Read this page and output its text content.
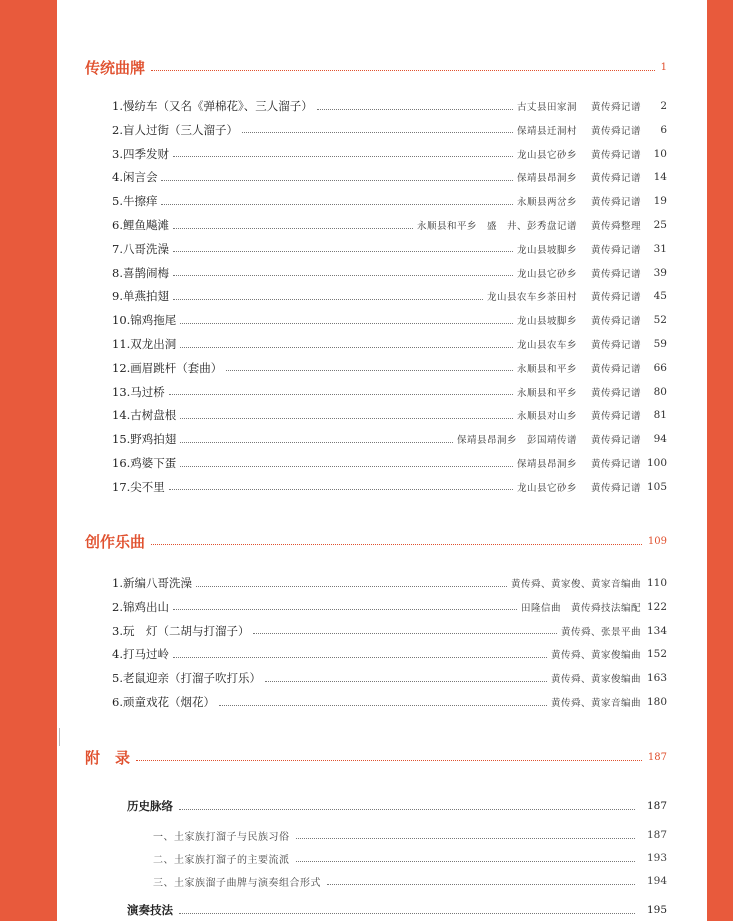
传统曲牌	1
1.慢纺车（又名《弹棉花》、三人溜子）	古丈县田家洞 黄传舜记谱	2
2.盲人过街（三人溜子）	保靖县迁洞村 黄传舜记谱	6
3.四季发财	龙山县它砂乡 黄传舜记谱	10
4.闲言会	保靖县昂洞乡 黄传舜记谱	14
5.牛擦痒	永顺县两岔乡 黄传舜记谱	19
6.鲤鱼飚滩	永顺县和平乡　盛　井、彭秀盘记谱 黄传舜整理	25
7.八哥洗澡	龙山县坡脚乡 黄传舜记谱	31
8.喜鹊闹梅	龙山县它砂乡 黄传舜记谱	39
9.单燕拍翅	龙山县农车乡茶田村 黄传舜记谱	45
10.锦鸡拖尾	龙山县坡脚乡 黄传舜记谱	52
11.双龙出洞	龙山县农车乡 黄传舜记谱	59
12.画眉跳杆（套曲）	永顺县和平乡 黄传舜记谱	66
13.马过桥	永顺县和平乡 黄传舜记谱	80
14.古树盘根	永顺县对山乡 黄传舜记谱	81
15.野鸡拍翅	保靖县昂洞乡　彭国靖传谱 黄传舜记谱	94
16.鸡婆下蛋	保靖县昂洞乡 黄传舜记谱 100
17.尖不里	龙山县它砂乡 黄传舜记谱 105
创作乐曲	109
1.新编八哥洗澡	黄传舜、黄家俊、黄家音编曲 110
2.锦鸡出山	田隆信曲　黄传舜技法编配 122
3.玩　灯（二胡与打溜子）	黄传舜、张景平曲 134
4.打马过岭	黄传舜、黄家俊编曲 152
5.老鼠迎亲（打溜子吹打乐）	黄传舜、黄家俊编曲 163
6.顽童戏花（烟花）	黄传舜、黄家音编曲 180
附　录	187
历史脉络	187
一、土家族打溜子与民族习俗	187
二、土家族打溜子的主要流派	193
三、土家族溜子曲牌与演奏组合形式	194
演奏技法	195
